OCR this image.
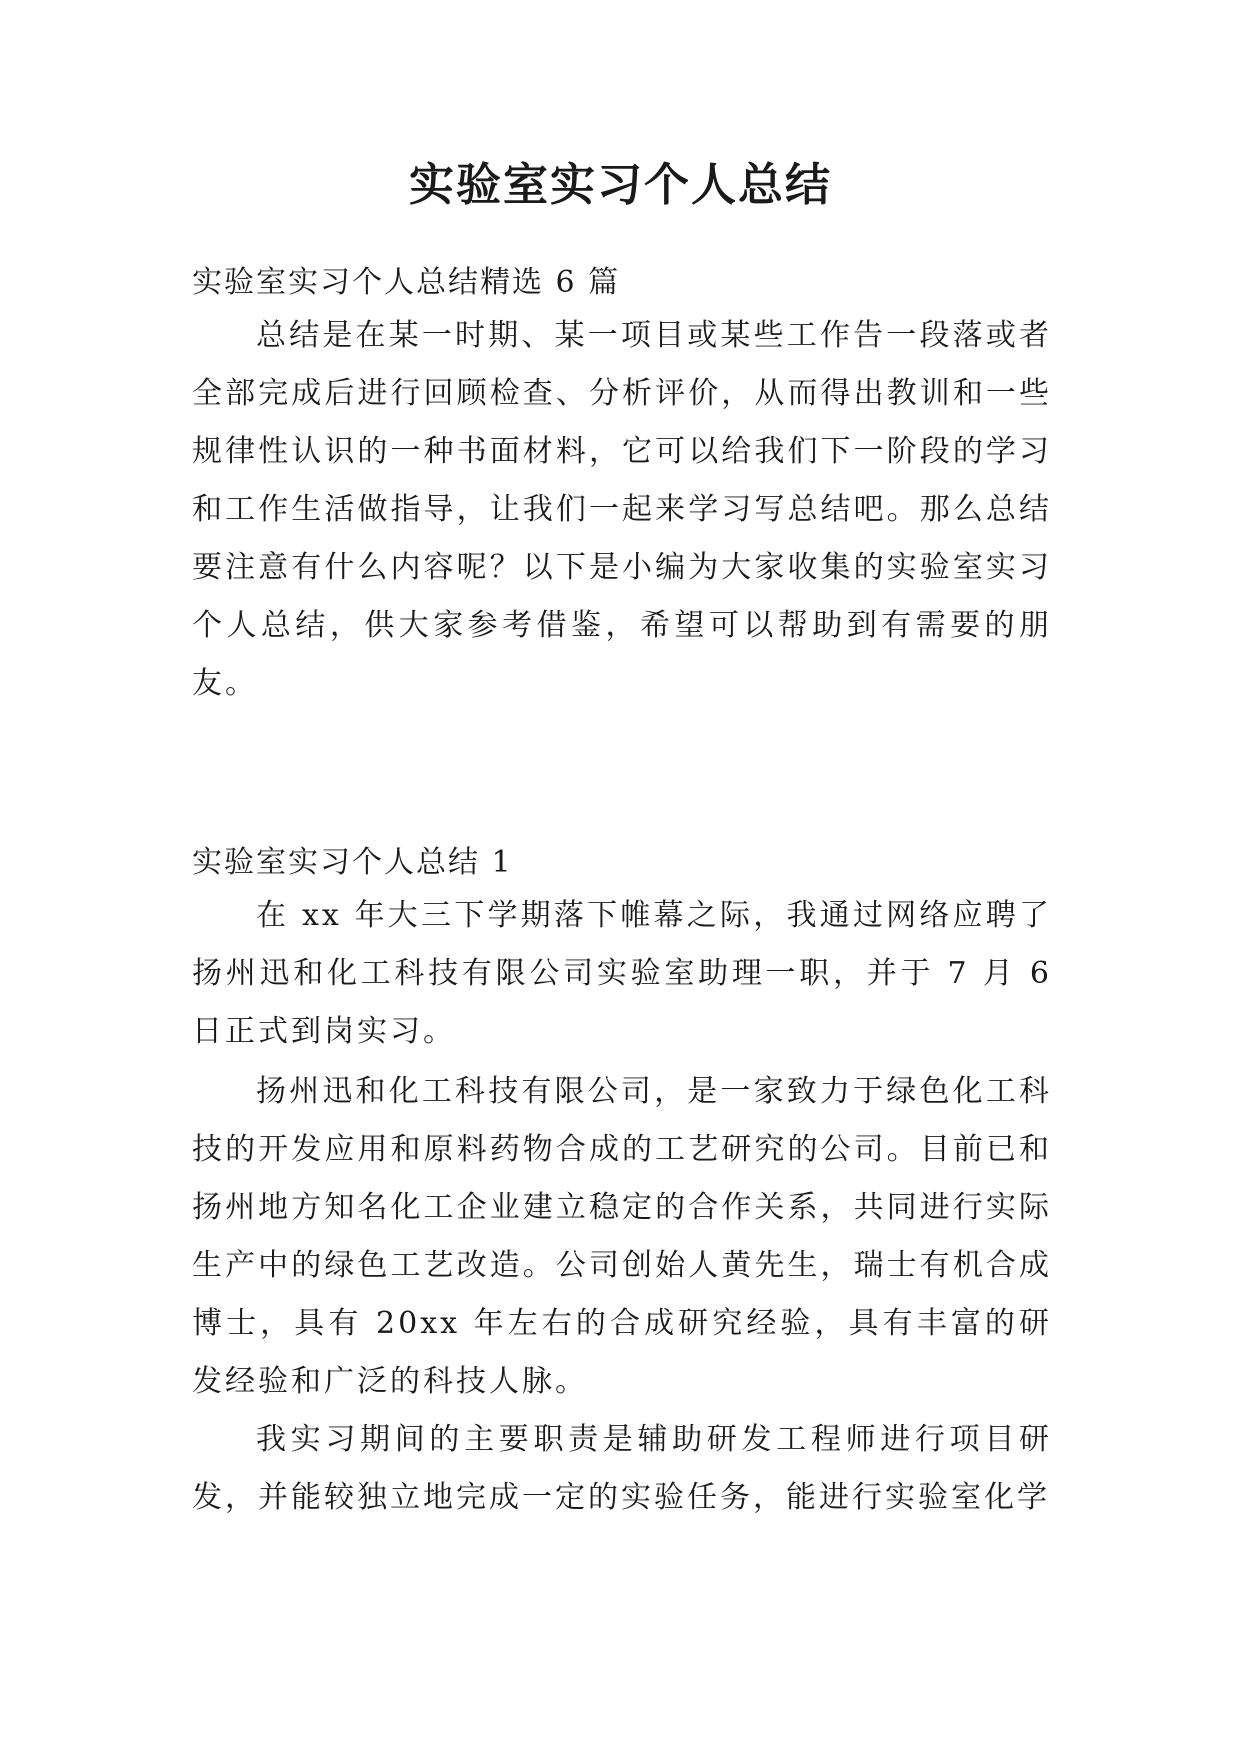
实验室实习个人总结

实验室实习个人总结精选 6 篇

总结是在某一时期、某一项目或某些工作告一段落或者全部完成后进行回顾检查、分析评价，从而得出教训和一些规律性认识的一种书面材料，它可以给我们下一阶段的学习和工作生活做指导，让我们一起来学习写总结吧。那么总结要注意有什么内容呢？以下是小编为大家收集的实验室实习个人总结，供大家参考借鉴，希望可以帮助到有需要的朋友。

实验室实习个人总结 1

在 xx 年大三下学期落下帷幕之际，我通过网络应聘了扬州迅和化工科技有限公司实验室助理一职，并于 7 月 6 日正式到岗实习。

扬州迅和化工科技有限公司，是一家致力于绿色化工科技的开发应用和原料药物合成的工艺研究的公司。目前已和扬州地方知名化工企业建立稳定的合作关系，共同进行实际生产中的绿色工艺改造。公司创始人黄先生，瑞士有机合成博士，具有 20xx 年左右的合成研究经验，具有丰富的研发经验和广泛的科技人脉。

我实习期间的主要职责是辅助研发工程师进行项目研发，并能较独立地完成一定的实验任务，能进行实验室化学
